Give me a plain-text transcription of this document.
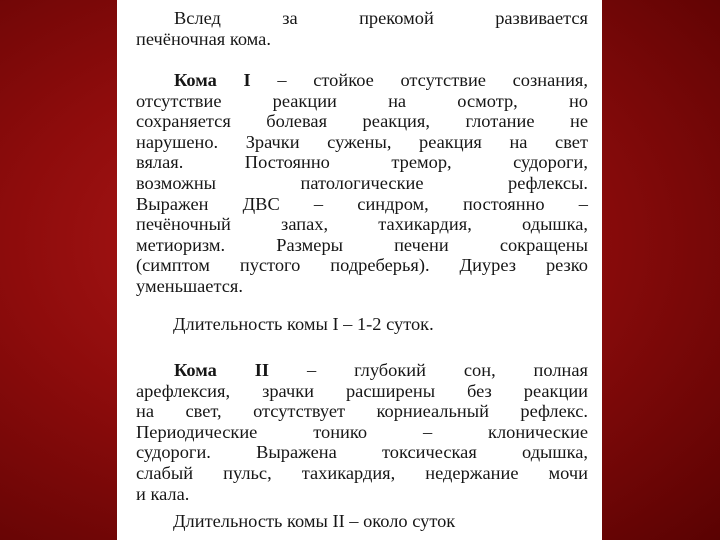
Вслед за прекомой развивается
печёночная кома.
Кома I – стойкое отсутствие сознания,
отсутствие реакции на осмотр, но
сохраняется болевая реакция, глотание не
нарушено. Зрачки сужены, реакция на свет
вялая. Постоянно тремор, судороги,
возможны патологические рефлексы.
Выражен ДВС – синдром, постоянно –
печёночный запах, тахикардия, одышка,
метиоризм. Размеры печени сокращены
(симптом пустого подреберья). Диурез резко
уменьшается.
Длительность комы I – 1-2 суток.
Кома II – глубокий сон, полная
арефлексия, зрачки расширены без реакции
на свет, отсутствует корниеальный рефлекс.
Периодические тонико – клонические
судороги. Выражена токсическая одышка,
слабый пульс, тахикардия, недержание мочи
и кала.
Длительность комы II – около суток
